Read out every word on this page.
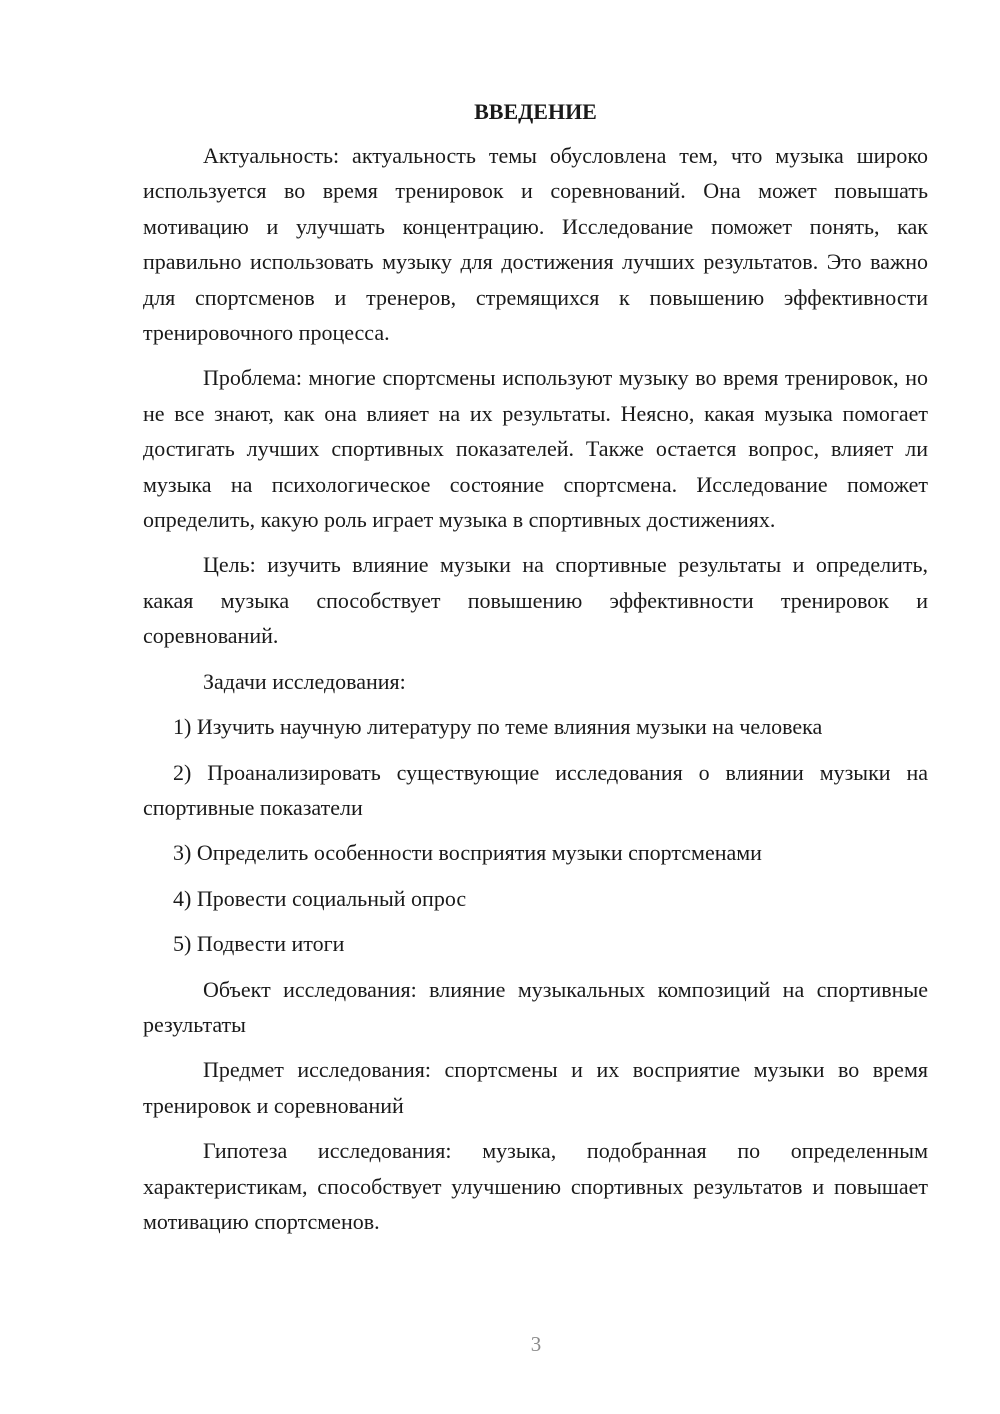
ВВЕДЕНИЕ

Актуальность: актуальность темы обусловлена тем, что музыка широко используется во время тренировок и соревнований. Она может повышать мотивацию и улучшать концентрацию. Исследование поможет понять, как правильно использовать музыку для достижения лучших результатов. Это важно для спортсменов и тренеров, стремящихся к повышению эффективности тренировочного процесса.

Проблема: многие спортсмены используют музыку во время тренировок, но не все знают, как она влияет на их результаты. Неясно, какая музыка помогает достигать лучших спортивных показателей. Также остается вопрос, влияет ли музыка на психологическое состояние спортсмена. Исследование поможет определить, какую роль играет музыка в спортивных достижениях.

Цель: изучить влияние музыки на спортивные результаты и определить, какая музыка способствует повышению эффективности тренировок и соревнований.

Задачи исследования:

1) Изучить научную литературу по теме влияния музыки на человека

2) Проанализировать существующие исследования о влиянии музыки на спортивные показатели

3) Определить особенности восприятия музыки спортсменами

4) Провести социальный опрос

5) Подвести итоги

Объект исследования: влияние музыкальных композиций на спортивные результаты

Предмет исследования: спортсмены и их восприятие музыки во время тренировок и соревнований

Гипотеза исследования: музыка, подобранная по определенным характеристикам, способствует улучшению спортивных результатов и повышает мотивацию спортсменов.

3
